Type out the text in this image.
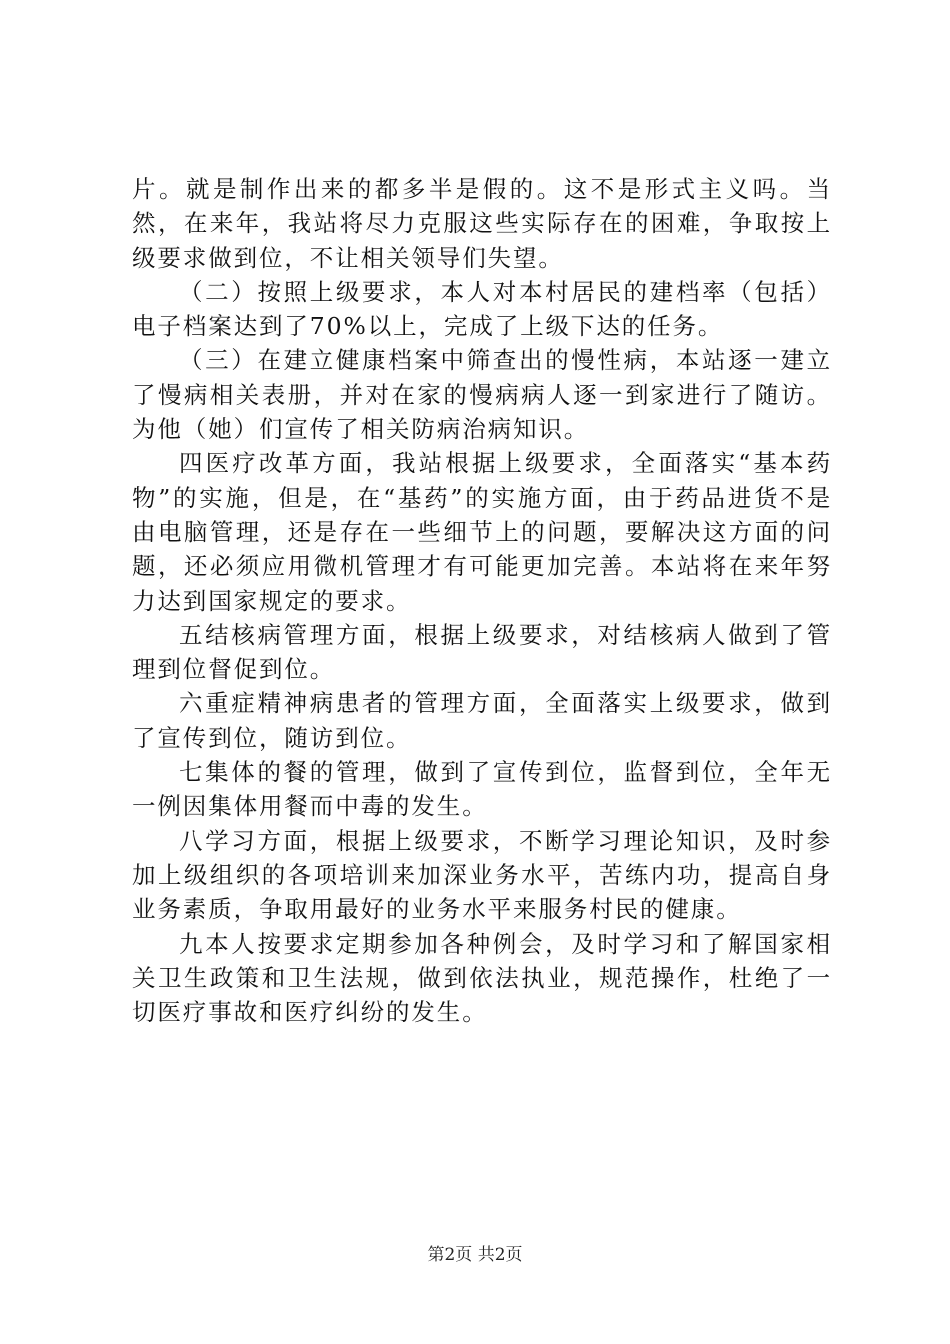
片。就是制作出来的都多半是假的。这不是形式主义吗。当然，在来年，我站将尽力克服这些实际存在的困难，争取按上级要求做到位，不让相关领导们失望。

（二）按照上级要求，本人对本村居民的建档率（包括）电子档案达到了70%以上，完成了上级下达的任务。

（三）在建立健康档案中筛查出的慢性病，本站逐一建立了慢病相关表册，并对在家的慢病病人逐一到家进行了随访。为他（她）们宣传了相关防病治病知识。

四医疗改革方面，我站根据上级要求，全面落实“基本药物”的实施，但是，在“基药”的实施方面，由于药品进货不是由电脑管理，还是存在一些细节上的问题，要解决这方面的问题，还必须应用微机管理才有可能更加完善。本站将在来年努力达到国家规定的要求。

五结核病管理方面，根据上级要求，对结核病人做到了管理到位督促到位。

六重症精神病患者的管理方面，全面落实上级要求，做到了宣传到位，随访到位。

七集体的餐的管理，做到了宣传到位，监督到位，全年无一例因集体用餐而中毒的发生。

八学习方面，根据上级要求，不断学习理论知识，及时参加上级组织的各项培训来加深业务水平，苦练内功，提高自身业务素质，争取用最好的业务水平来服务村民的健康。

九本人按要求定期参加各种例会，及时学习和了解国家相关卫生政策和卫生法规，做到依法执业，规范操作，杜绝了一切医疗事故和医疗纠纷的发生。

第2页 共2页
